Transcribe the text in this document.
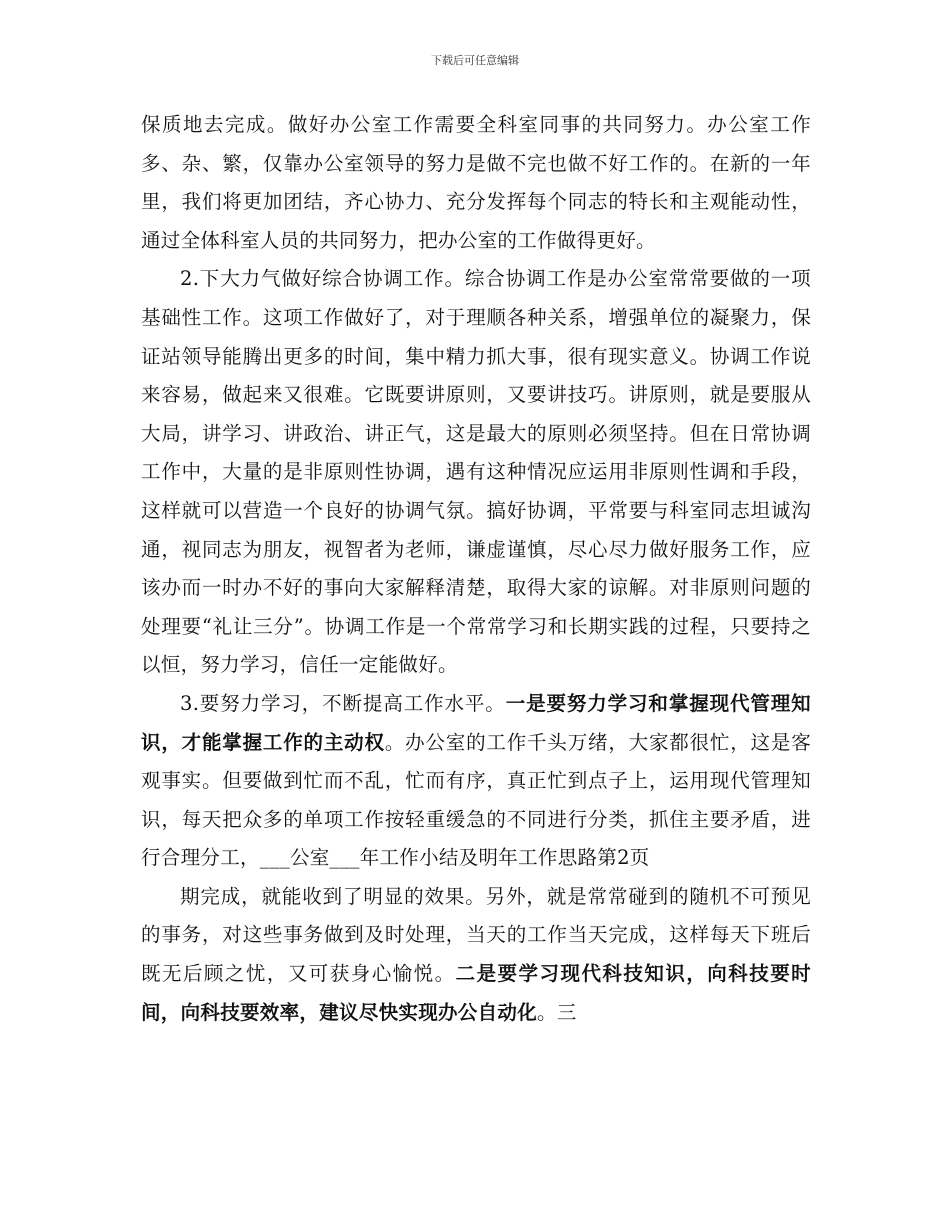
下载后可任意编辑

保质地去完成。做好办公室工作需要全科室同事的共同努力。办公室工作多、杂、繁，仅靠办公室领导的努力是做不完也做不好工作的。在新的一年里，我们将更加团结，齐心协力、充分发挥每个同志的特长和主观能动性，通过全体科室人员的共同努力，把办公室的工作做得更好。

2.下大力气做好综合协调工作。综合协调工作是办公室常常要做的一项基础性工作。这项工作做好了，对于理顺各种关系，增强单位的凝聚力，保证站领导能腾出更多的时间，集中精力抓大事，很有现实意义。协调工作说来容易，做起来又很难。它既要讲原则，又要讲技巧。讲原则，就是要服从大局，讲学习、讲政治、讲正气，这是最大的原则必须坚持。但在日常协调工作中，大量的是非原则性协调，遇有这种情况应运用非原则性调和手段，这样就可以营造一个良好的协调气氛。搞好协调，平常要与科室同志坦诚沟通，视同志为朋友，视智者为老师，谦虚谨慎，尽心尽力做好服务工作，应该办而一时办不好的事向大家解释清楚，取得大家的谅解。对非原则问题的处理要“礼让三分”。协调工作是一个常常学习和长期实践的过程，只要持之以恒，努力学习，信任一定能做好。

3.要努力学习，不断提高工作水平。一是要努力学习和掌握现代管理知识，才能掌握工作的主动权。办公室的工作千头万绪，大家都很忙，这是客观事实。但要做到忙而不乱，忙而有序，真正忙到点子上，运用现代管理知识，每天把众多的单项工作按轻重缓急的不同进行分类，抓住主要矛盾，进行合理分工，___公室___年工作小结及明年工作思路第2页

期完成，就能收到了明显的效果。另外，就是常常碰到的随机不可预见的事务，对这些事务做到及时处理，当天的工作当天完成，这样每天下班后既无后顾之忧，又可获身心愉悦。二是要学习现代科技知识，向科技要时间，向科技要效率，建议尽快实现办公自动化。三
